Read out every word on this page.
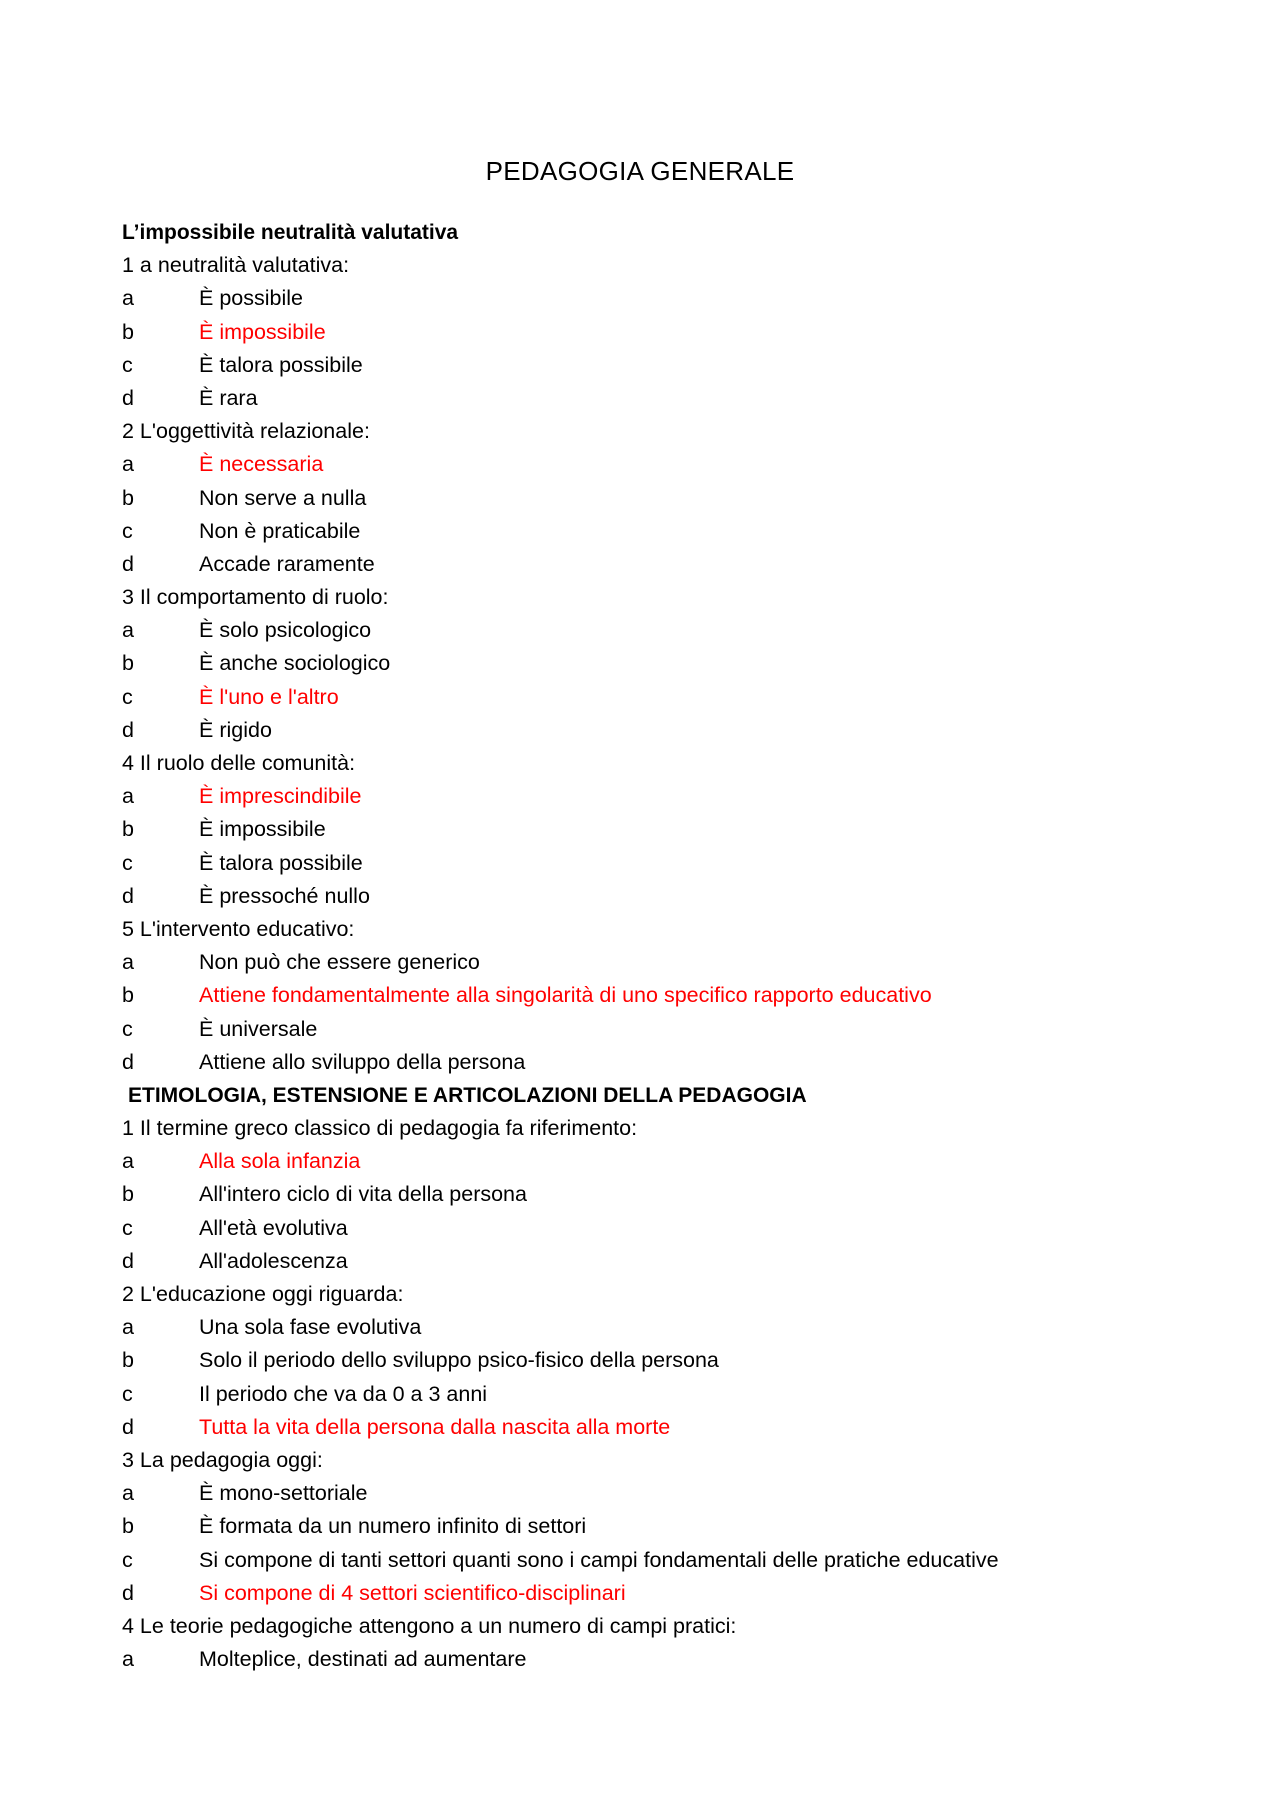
PEDAGOGIA GENERALE
L’impossibile neutralità valutativa
1 a neutralità valutativa:
a	È possibile
b	È impossibile
c	È talora possibile
d	È rara
2 L'oggettività relazionale:
a	È necessaria
b	Non serve a nulla
c	Non è praticabile
d	Accade raramente
3 Il comportamento di ruolo:
a	È solo psicologico
b	È anche sociologico
c	È l'uno e l'altro
d	È rigido
4 Il ruolo delle comunità:
a	È imprescindibile
b	È impossibile
c	È talora possibile
d	È pressoché nullo
5 L'intervento educativo:
a	Non può che essere generico
b	Attiene fondamentalmente alla singolarità di uno specifico rapporto educativo
c	È universale
d	Attiene allo sviluppo della persona
ETIMOLOGIA, ESTENSIONE E ARTICOLAZIONI DELLA PEDAGOGIA
1 Il termine greco classico di pedagogia fa riferimento:
a	Alla sola infanzia
b	All'intero ciclo di vita della persona
c	All'età evolutiva
d	All'adolescenza
2 L'educazione oggi riguarda:
a	Una sola fase evolutiva
b	Solo il periodo dello sviluppo psico-fisico della persona
c	Il periodo che va da 0 a 3 anni
d	Tutta la vita della persona dalla nascita alla morte
3 La pedagogia oggi:
a	È mono-settoriale
b	È formata da un numero infinito di settori
c	Si compone di tanti settori quanti sono i campi fondamentali delle pratiche educative
d	Si compone di 4 settori scientifico-disciplinari
4 Le teorie pedagogiche attengono a un numero di campi pratici:
a	Molteplice, destinati ad aumentare
